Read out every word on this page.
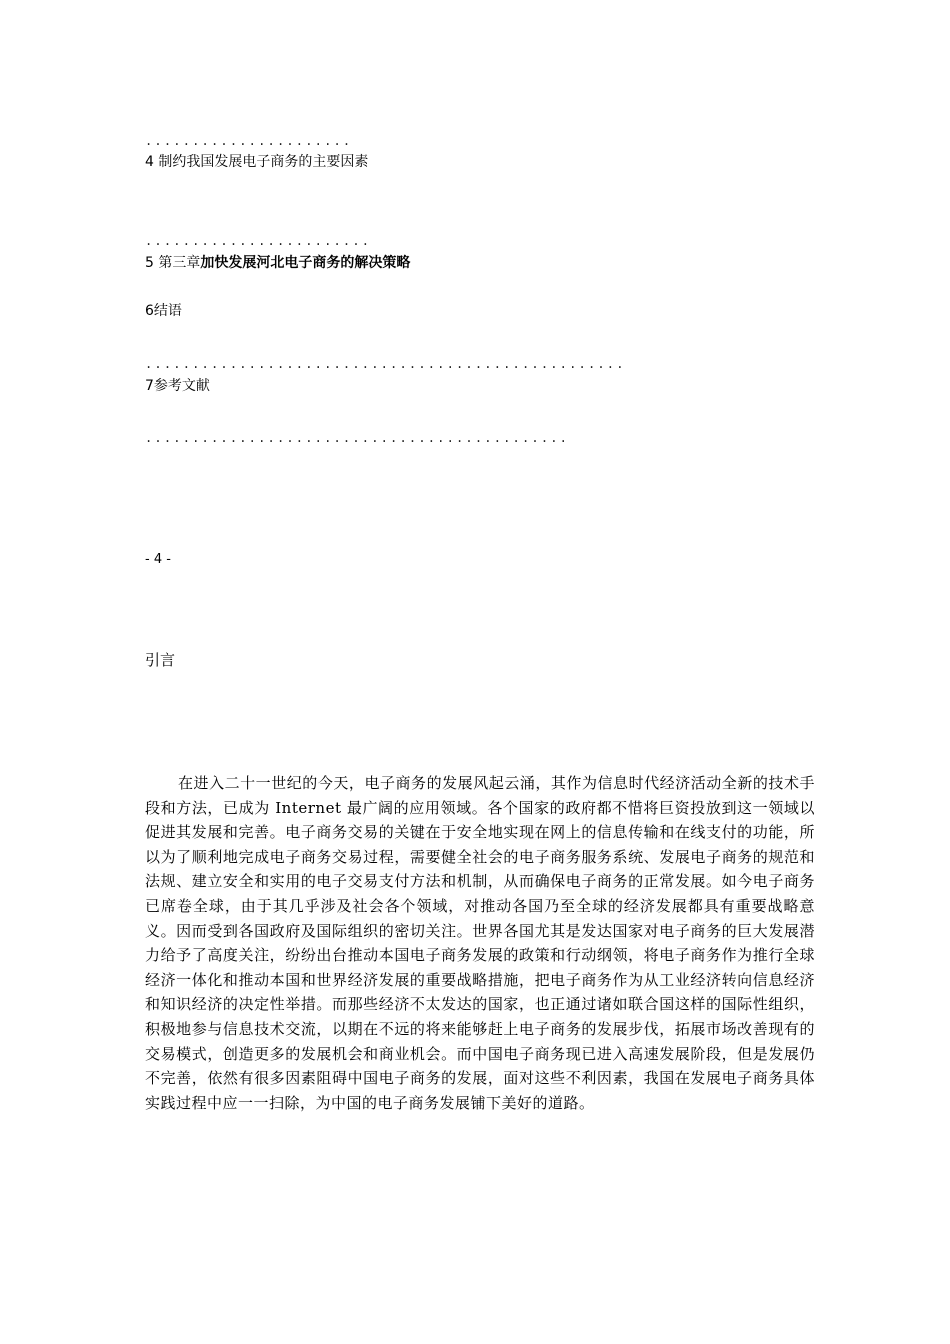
......................
4 制约我国发展电子商务的主要因素
........................
5 第三章加快发展河北电子商务的解决策略
6结语
...................................................
7参考文献
.............................................
- 4 -
引言
在进入二十一世纪的今天，电子商务的发展风起云涌，其作为信息时代经济活动全新的技术手段和方法，已成为 Internet 最广阔的应用领域。各个国家的政府都不惜将巨资投放到这一领域以促进其发展和完善。电子商务交易的关键在于安全地实现在网上的信息传输和在线支付的功能，所以为了顺利地完成电子商务交易过程，需要健全社会的电子商务服务系统、发展电子商务的规范和法规、建立安全和实用的电子交易支付方法和机制，从而确保电子商务的正常发展。如今电子商务已席卷全球，由于其几乎涉及社会各个领域，对推动各国乃至全球的经济发展都具有重要战略意义。因而受到各国政府及国际组织的密切关注。世界各国尤其是发达国家对电子商务的巨大发展潜力给予了高度关注，纷纷出台推动本国电子商务发展的政策和行动纲领，将电子商务作为推行全球经济一体化和推动本国和世界经济发展的重要战略措施，把电子商务作为从工业经济转向信息经济和知识经济的决定性举措。而那些经济不太发达的国家，也正通过诸如联合国这样的国际性组织，积极地参与信息技术交流，以期在不远的将来能够赶上电子商务的发展步伐，拓展市场改善现有的交易模式，创造更多的发展机会和商业机会。而中国电子商务现已进入高速发展阶段，但是发展仍不完善，依然有很多因素阻碍中国电子商务的发展，面对这些不利因素，我国在发展电子商务具体实践过程中应一一扫除，为中国的电子商务发展铺下美好的道路。
